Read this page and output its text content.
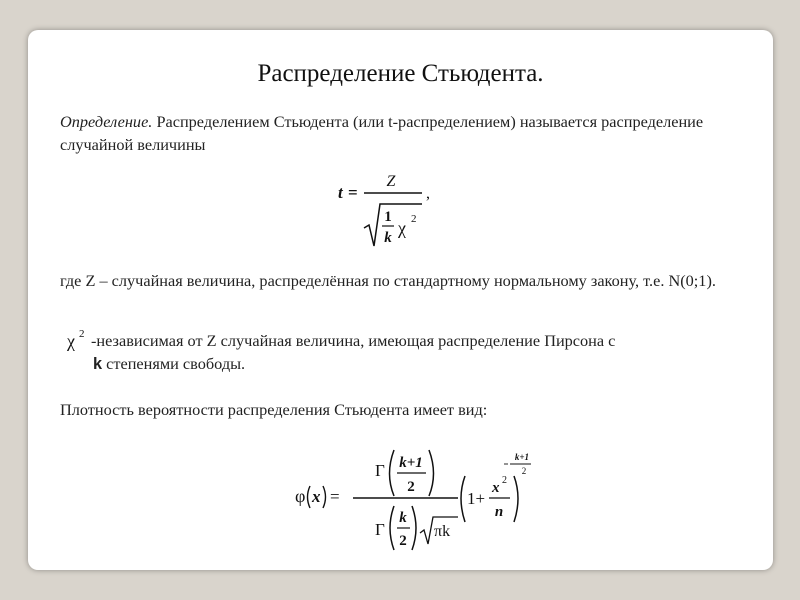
Распределение Стьюдента.
Определение. Распределением Стьюдента (или t-распределением) называется распределение случайной величины
t =
Z
1
k χ 2
,
где Z – случайная величина, распределённая по стандартному нормальному закону, т.е. N(0;1).
χ 2 -независимая от Z случайная величина, имеющая распределение Пирсона с
k степенями свободы.
Плотность вероятности распределения Стьюдента имеет вид:
φ x =
Γ k+1
2
Γ
k
2
πk
1+
x 2
n
k+1
2
